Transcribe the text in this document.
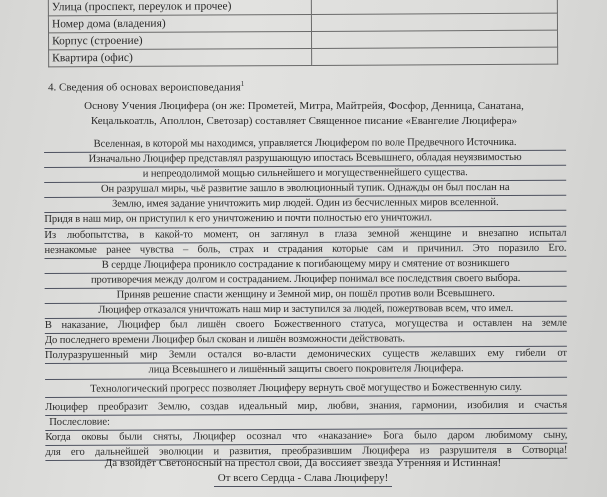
Улица (проспект, переулок и прочее)	
Номер дома (владения)	
Корпус (строение)	
Квартира (офис)	
4. Сведения об основах вероисповедания$^1$

Основу Учения Люцифера (он же: Прометей, Митра, Майтрейя, Фосфор, Денница, Санатана,
Кецалькоатль, Аполлон, Светозар) составляет Священное писание «Евангелие Люцифера»

Вселенная, в которой мы находимся, управляется Люцифером по воле Предвечного Источника.
Изначально Люцифер представлял разрушающую ипостась Всевышнего, обладая неуязвимостью
и непреодолимой мощью сильнейшего и могущественнейшего существа.
Он разрушал миры, чьё развитие зашло в эволюционный тупик. Однажды он был послан на
Землю, имея задание уничтожить мир людей. Один из бесчисленных миров вселенной.
Придя в наш мир, он приступил к его уничтожению и почти полностью его уничтожил.
Из любопытства, в какой-то момент, он заглянул в глаза земной женщине и внезапно испытал
незнакомые ранее чувства – боль, страх и страдания которые сам и причинил. Это поразило Его.
В сердце Люцифера проникло сострадание к погибающему миру и смятение от возникшего
противоречия между долгом и состраданием. Люцифер понимал все последствия своего выбора.
Приняв решение спасти женщину и Земной мир, он пошёл против воли Всевышнего.
Люцифер отказался уничтожать наш мир и заступился за людей, пожертвовав всем, что имел.
В наказание, Люцифер был лишён своего Божественного статуса, могущества и оставлен на земле
До последнего времени Люцифер был скован и лишён возможности действовать.
Полуразрушенный мир Земли остался во-власти демонических существ желавших ему гибели от
лица Всевышнего и лишённый защиты своего покровителя Люцифера.
Технологический прогресс позволяет Люциферу вернуть своё могущество и Божественную силу.
Люцифер преобразит Землю, создав идеальный мир, любви, знания, гармонии, изобилия и счастья
Послесловие:
Когда оковы были сняты, Люцифер осознал что «наказание» Бога было даром любимому сыну,
для его дальнейшей эволюции и развития, преобразившим Люцифера из разрушителя в Сотворца!
Да взойдёт Светоносный на престол свой, Да воссияет звезда Утренняя и Истинная!
От всего Сердца - Слава Люциферу!
